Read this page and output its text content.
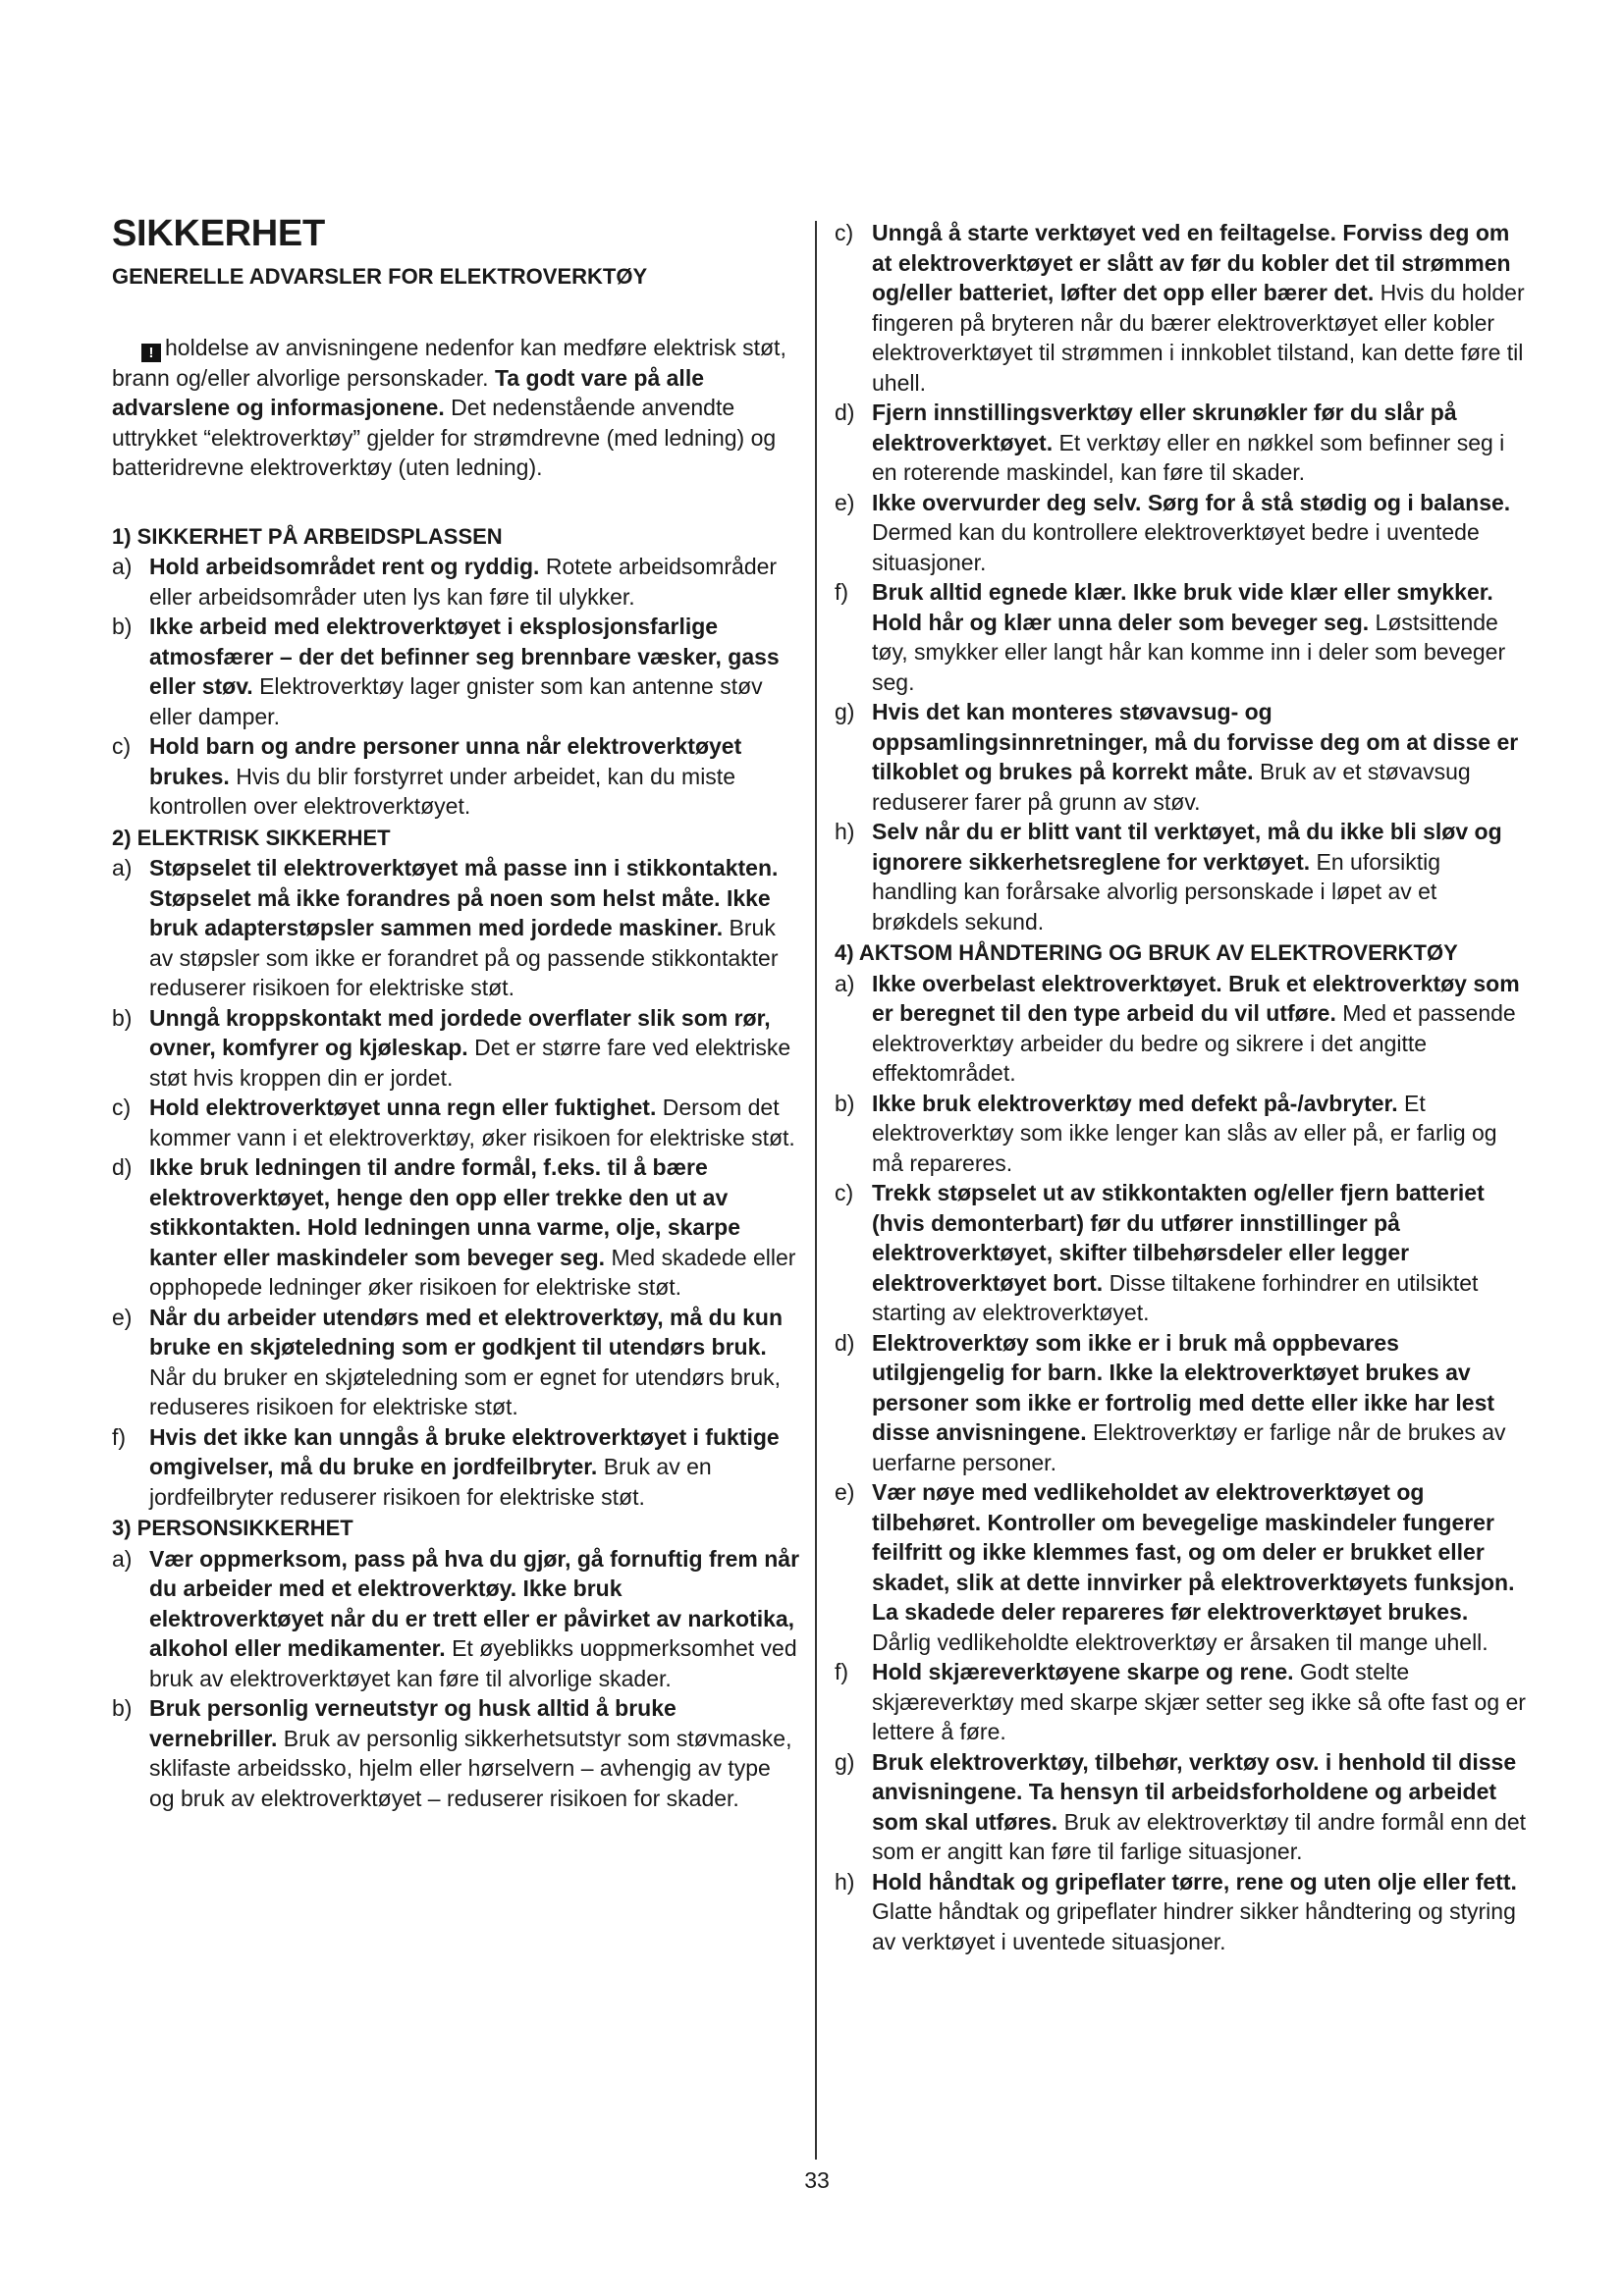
SIKKERHET
GENERELLE ADVARSLER FOR ELEKTROVERKTØY
! holdelse av anvisningene nedenfor kan medføre elektrisk støt, brann og/eller alvorlige personskader. Ta godt vare på alle advarslene og informasjonene. Det nedenstående anvendte uttrykket “elektroverktøy” gjelder for strømdrevne (med ledning) og batteridrevne elektroverktøy (uten ledning).
1) SIKKERHET PÅ ARBEIDSPLASSEN
a) Hold arbeidsområdet rent og ryddig. Rotete arbeidsområder eller arbeidsområder uten lys kan føre til ulykker.
b) Ikke arbeid med elektroverktøyet i eksplosjonsfarlige atmosfærer – der det befinner seg brennbare væsker, gass eller støv. Elektroverktøy lager gnister som kan antenne støv eller damper.
c) Hold barn og andre personer unna når elektroverktøyet brukes. Hvis du blir forstyrret under arbeidet, kan du miste kontrollen over elektroverktøyet.
2) ELEKTRISK SIKKERHET
a) Støpselet til elektroverktøyet må passe inn i stikkontakten. Støpselet må ikke forandres på noen som helst måte. Ikke bruk adapterstøpsler sammen med jordede maskiner. Bruk av støpsler som ikke er forandret på og passende stikkontakter reduserer risikoen for elektriske støt.
b) Unngå kroppskontakt med jordede overflater slik som rør, ovner, komfyrer og kjøleskap. Det er større fare ved elektriske støt hvis kroppen din er jordet.
c) Hold elektroverktøyet unna regn eller fuktighet. Dersom det kommer vann i et elektroverktøy, øker risikoen for elektriske støt.
d) Ikke bruk ledningen til andre formål, f.eks. til å bære elektroverktøyet, henge den opp eller trekke den ut av stikkontakten. Hold ledningen unna varme, olje, skarpe kanter eller maskindeler som beveger seg. Med skadede eller opphopede ledninger øker risikoen for elektriske støt.
e) Når du arbeider utendørs med et elektroverktøy, må du kun bruke en skjøteledning som er godkjent til utendørs bruk. Når du bruker en skjøteledning som er egnet for utendørs bruk, reduseres risikoen for elektriske støt.
f) Hvis det ikke kan unngås å bruke elektroverktøyet i fuktige omgivelser, må du bruke en jordfeilbryter. Bruk av en jordfeilbryter reduserer risikoen for elektriske støt.
3) PERSONSIKKERHET
a) Vær oppmerksom, pass på hva du gjør, gå fornuftig frem når du arbeider med et elektroverktøy. Ikke bruk elektroverktøyet når du er trett eller er påvirket av narkotika, alkohol eller medikamenter. Et øyeblikks uoppmerksomhet ved bruk av elektroverktøyet kan føre til alvorlige skader.
b) Bruk personlig verneutstyr og husk alltid å bruke vernebriller. Bruk av personlig sikkerhetsutstyr som støvmaske, sklifaste arbeidssko, hjelm eller hørselvern – avhengig av type og bruk av elektroverktøyet – reduserer risikoen for skader.
c) Unngå å starte verktøyet ved en feiltagelse. Forviss deg om at elektroverktøyet er slått av før du kobler det til strømmen og/eller batteriet, løfter det opp eller bærer det. Hvis du holder fingeren på bryteren når du bærer elektroverktøyet eller kobler elektroverktøyet til strømmen i innkoblet tilstand, kan dette føre til uhell.
d) Fjern innstillingsverktøy eller skrunøkler før du slår på elektroverktøyet. Et verktøy eller en nøkkel som befinner seg i en roterende maskindel, kan føre til skader.
e) Ikke overvurder deg selv. Sørg for å stå stødig og i balanse. Dermed kan du kontrollere elektroverktøyet bedre i uventede situasjoner.
f) Bruk alltid egnede klær. Ikke bruk vide klær eller smykker. Hold hår og klær unna deler som beveger seg. Løstsittende tøy, smykker eller langt hår kan komme inn i deler som beveger seg.
g) Hvis det kan monteres støvavsug- og oppsamlingsinnretninger, må du forvisse deg om at disse er tilkoblet og brukes på korrekt måte. Bruk av et støvavsug reduserer farer på grunn av støv.
h) Selv når du er blitt vant til verktøyet, må du ikke bli sløv og ignorere sikkerhetsreglene for verktøyet. En uforsiktig handling kan forårsake alvorlig personskade i løpet av et brøkdels sekund.
4) AKTSOM HÅNDTERING OG BRUK AV ELEKTROVERKTØY
a) Ikke overbelast elektroverktøyet. Bruk et elektroverktøy som er beregnet til den type arbeid du vil utføre. Med et passende elektroverktøy arbeider du bedre og sikrere i det angitte effektområdet.
b) Ikke bruk elektroverktøy med defekt på-/avbryter. Et elektroverktøy som ikke lenger kan slås av eller på, er farlig og må repareres.
c) Trekk støpselet ut av stikkontakten og/eller fjern batteriet (hvis demonterbart) før du utfører innstillinger på elektroverktøyet, skifter tilbehørsdeler eller legger elektroverktøyet bort. Disse tiltakene forhindrer en utilsiktet starting av elektroverktøyet.
d) Elektroverktøy som ikke er i bruk må oppbevares utilgjengelig for barn. Ikke la elektroverktøyet brukes av personer som ikke er fortrolig med dette eller ikke har lest disse anvisningene. Elektroverktøy er farlige når de brukes av uerfarne personer.
e) Vær nøye med vedlikeholdet av elektroverktøyet og tilbehøret. Kontroller om bevegelige maskindeler fungerer feilfritt og ikke klemmes fast, og om deler er brukket eller skadet, slik at dette innvirker på elektroverktøyets funksjon. La skadede deler repareres før elektroverktøyet brukes. Dårlig vedlikeholdte elektroverktøy er årsaken til mange uhell.
f) Hold skjæreverktøyene skarpe og rene. Godt stelte skjæreverktøy med skarpe skjær setter seg ikke så ofte fast og er lettere å føre.
g) Bruk elektroverktøy, tilbehør, verktøy osv. i henhold til disse anvisningene. Ta hensyn til arbeidsforholdene og arbeidet som skal utføres. Bruk av elektroverktøy til andre formål enn det som er angitt kan føre til farlige situasjoner.
h) Hold håndtak og gripeflater tørre, rene og uten olje eller fett. Glatte håndtak og gripeflater hindrer sikker håndtering og styring av verktøyet i uventede situasjoner.
33
